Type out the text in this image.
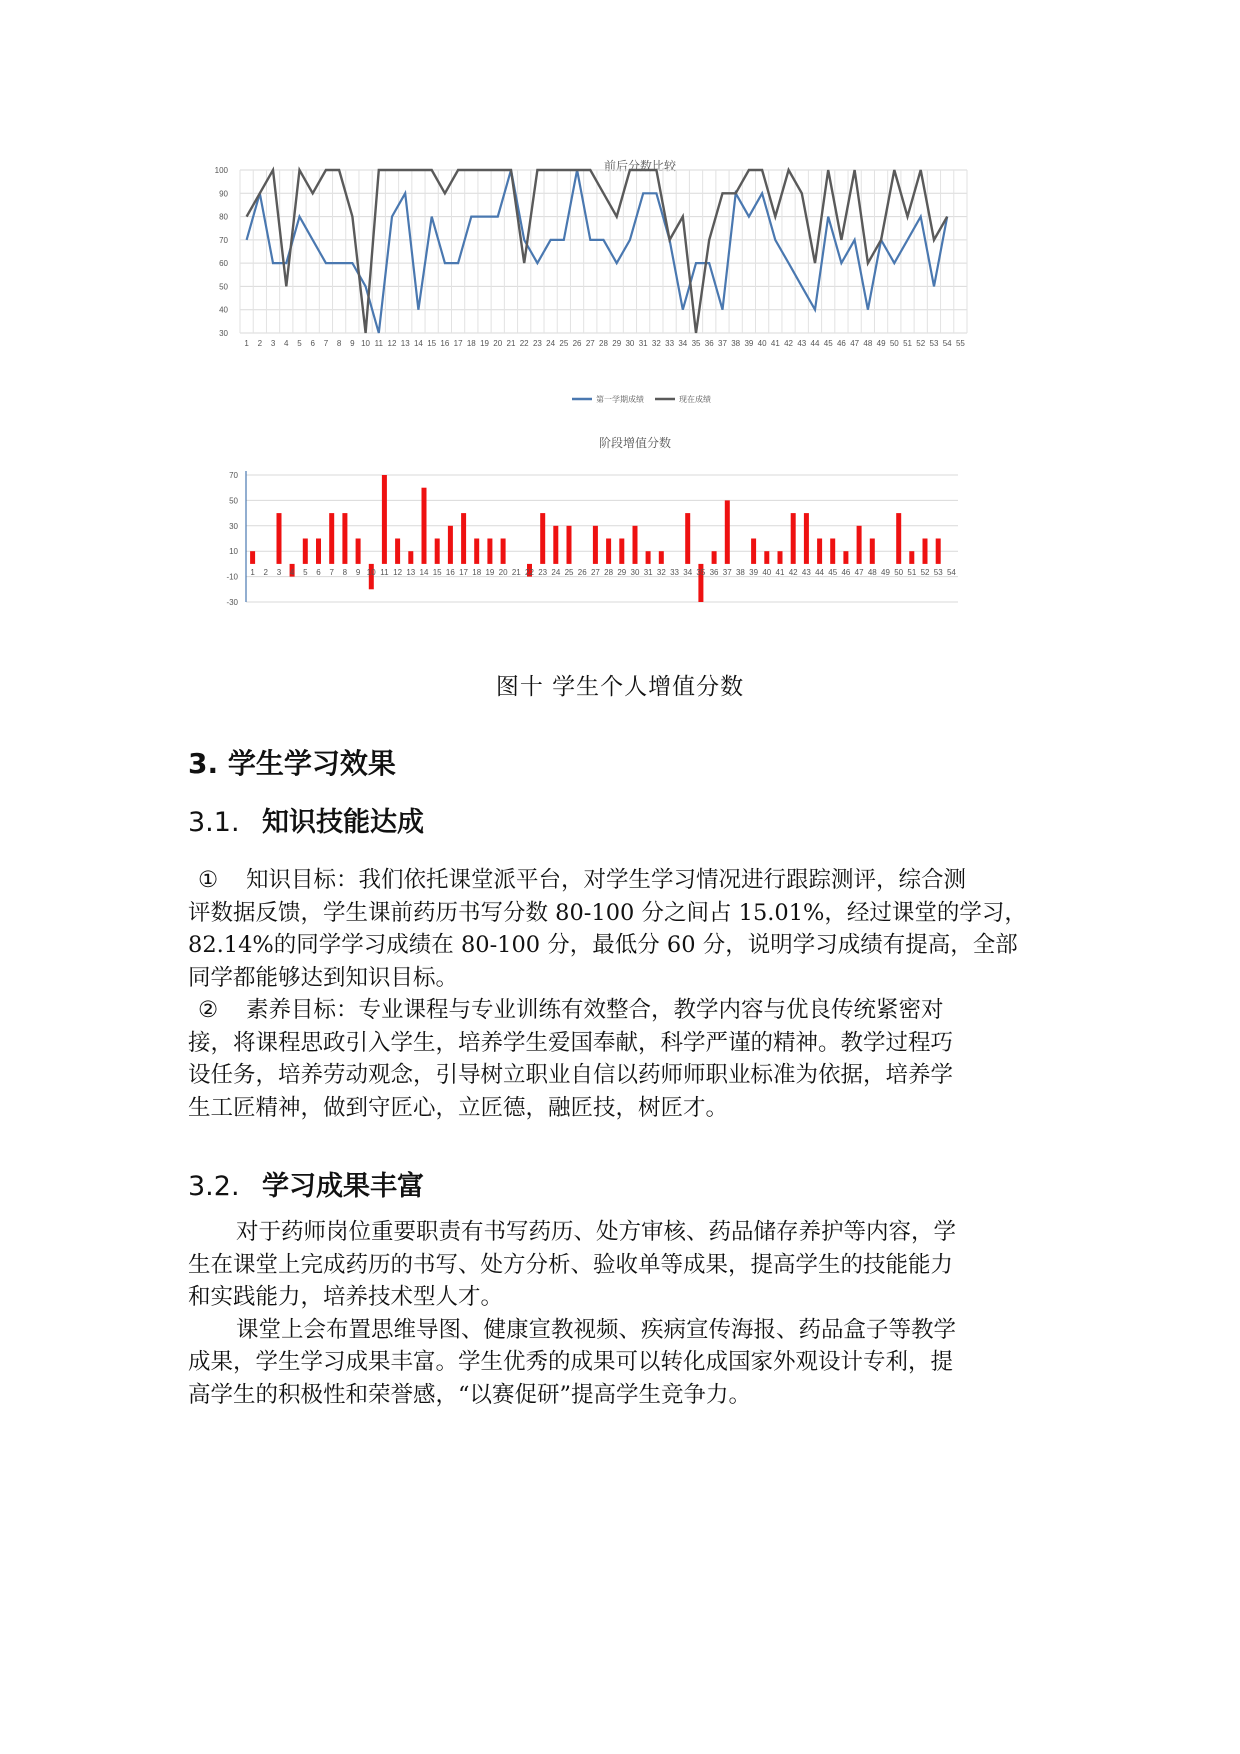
前后分数比较
100
90
80
70
60
50
40
30
1 2 3 4 5 6 7 8 9 10 11 12 13 14 15 16 17 18 19 20 21 22 23 24 25 26 27 28 29 30 31 32 33 34 35 36 37 38 39 40 41 42 43 44 45 46 47 48 49 50 51 52 53 54 55
第一学期成绩	现在成绩
阶段增值分数
70
50
30
10
-10
-30
1 2 3 4 5 6 7 8 9 10 11 12 13 14 15 16 17 18 19 20 21 22 23 24 25 26 27 28 29 30 31 32 33 34 35 36 37 38 39 40 41 42 43 44 45 46 47 48 49 50 51 52 53 54
图十 学生个人增值分数
3. 学生学习效果
3.1. 知识技能达成

① 知识目标：我们依托课堂派平台，对学生学习情况进行跟踪测评，综合测

评数据反馈，学生课前药历书写分数 80-100 分之间占 15.01%，经过课堂的学习，

82.14%的同学学习成绩在 80-100 分，最低分 60 分，说明学习成绩有提高，全部

同学都能够达到知识目标。

② 素养目标：专业课程与专业训练有效整合，教学内容与优良传统紧密对

接，将课程思政引入学生，培养学生爱国奉献，科学严谨的精神。教学过程巧

设任务，培养劳动观念，引导树立职业自信以药师师职业标准为依据，培养学

生工匠精神，做到守匠心，立匠德，融匠技，树匠才。

3.2. 学习成果丰富

对于药师岗位重要职责有书写药历、处方审核、药品储存养护等内容，学

生在课堂上完成药历的书写、处方分析、验收单等成果，提高学生的技能能力

和实践能力，培养技术型人才。

课堂上会布置思维导图、健康宣教视频、疾病宣传海报、药品盒子等教学

成果，学生学习成果丰富。学生优秀的成果可以转化成国家外观设计专利，提

高学生的积极性和荣誉感，“以赛促研”提高学生竞争力。
